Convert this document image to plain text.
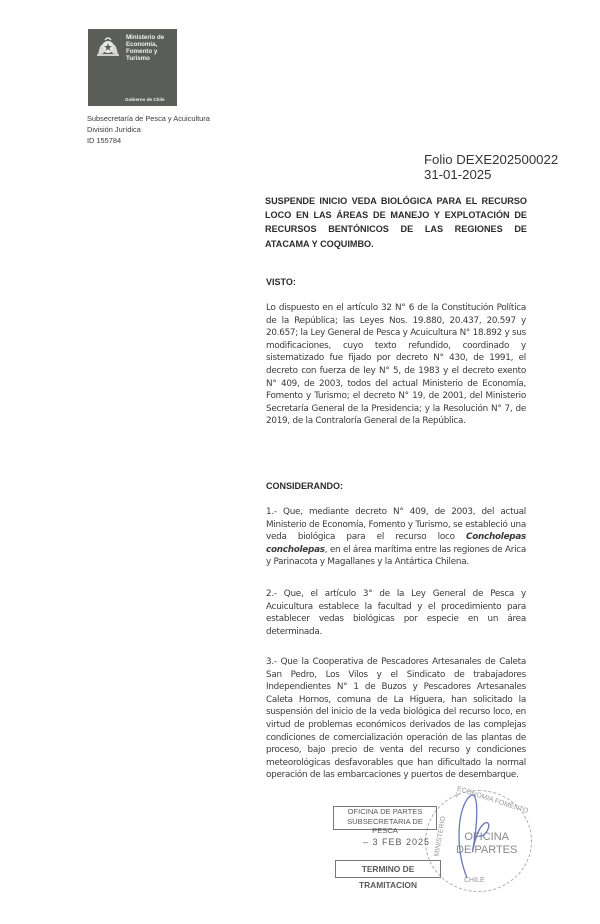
Ministerio de
Economía,
Fomento y
Turismo
Gobierno de Chile
Subsecretaría de Pesca y Acuicultura
División Jurídica
ID 155784
Folio DEXE202500022
31-01-2025
SUSPENDE INICIO VEDA BIOLÓGICA PARA EL RECURSO LOCO EN LAS ÁREAS DE MANEJO Y EXPLOTACIÓN DE RECURSOS BENTÓNICOS DE LAS REGIONES DE ATACAMA Y COQUIMBO.
VISTO:
Lo dispuesto en el artículo 32 N° 6 de la Constitución Política de la República; las Leyes Nos. 19.880, 20.437, 20.597 y 20.657; la Ley General de Pesca y Acuicultura N° 18.892 y sus modificaciones, cuyo texto refundido, coordinado y sistematizado fue fijado por decreto N° 430, de 1991, el decreto con fuerza de ley N° 5, de 1983 y el decreto exento N° 409, de 2003, todos del actual Ministerio de Economía, Fomento y Turismo; el decreto N° 19, de 2001, del Ministerio Secretaría General de la Presidencia; y la Resolución N° 7, de 2019, de la Contraloría General de la República.
CONSIDERANDO:
1.- Que, mediante decreto N° 409, de 2003, del actual Ministerio de Economía, Fomento y Turismo, se estableció una veda biológica para el recurso loco Concholepas concholepas, en el área marítima entre las regiones de Arica y Parinacota y Magallanes y la Antártica Chilena.
2.- Que, el artículo 3° de la Ley General de Pesca y Acuicultura establece la facultad y el procedimiento para establecer vedas biológicas por especie en un área determinada.
3.- Que la Cooperativa de Pescadores Artesanales de Caleta San Pedro, Los Vilos y el Sindicato de trabajadores Independientes N° 1 de Buzos y Pescadores Artesanales Caleta Hornos, comuna de La Higuera, han solicitado la suspensión del inicio de la veda biológica del recurso loco, en virtud de problemas económicos derivados de las complejas condiciones de comercialización operación de las plantas de proceso, bajo precio de venta del recurso y condiciones meteorológicas desfavorables que han dificultado la normal operación de las embarcaciones y puertos de desembarque.
ECONOMIA FOMENTO Y
MINISTERIO
CHILE
OFICINA
DE PARTES
OFICINA DE PARTES
SUBSECRETARIA DE PESCA
– 3 FEB 2025
TERMINO DE TRAMITACION
